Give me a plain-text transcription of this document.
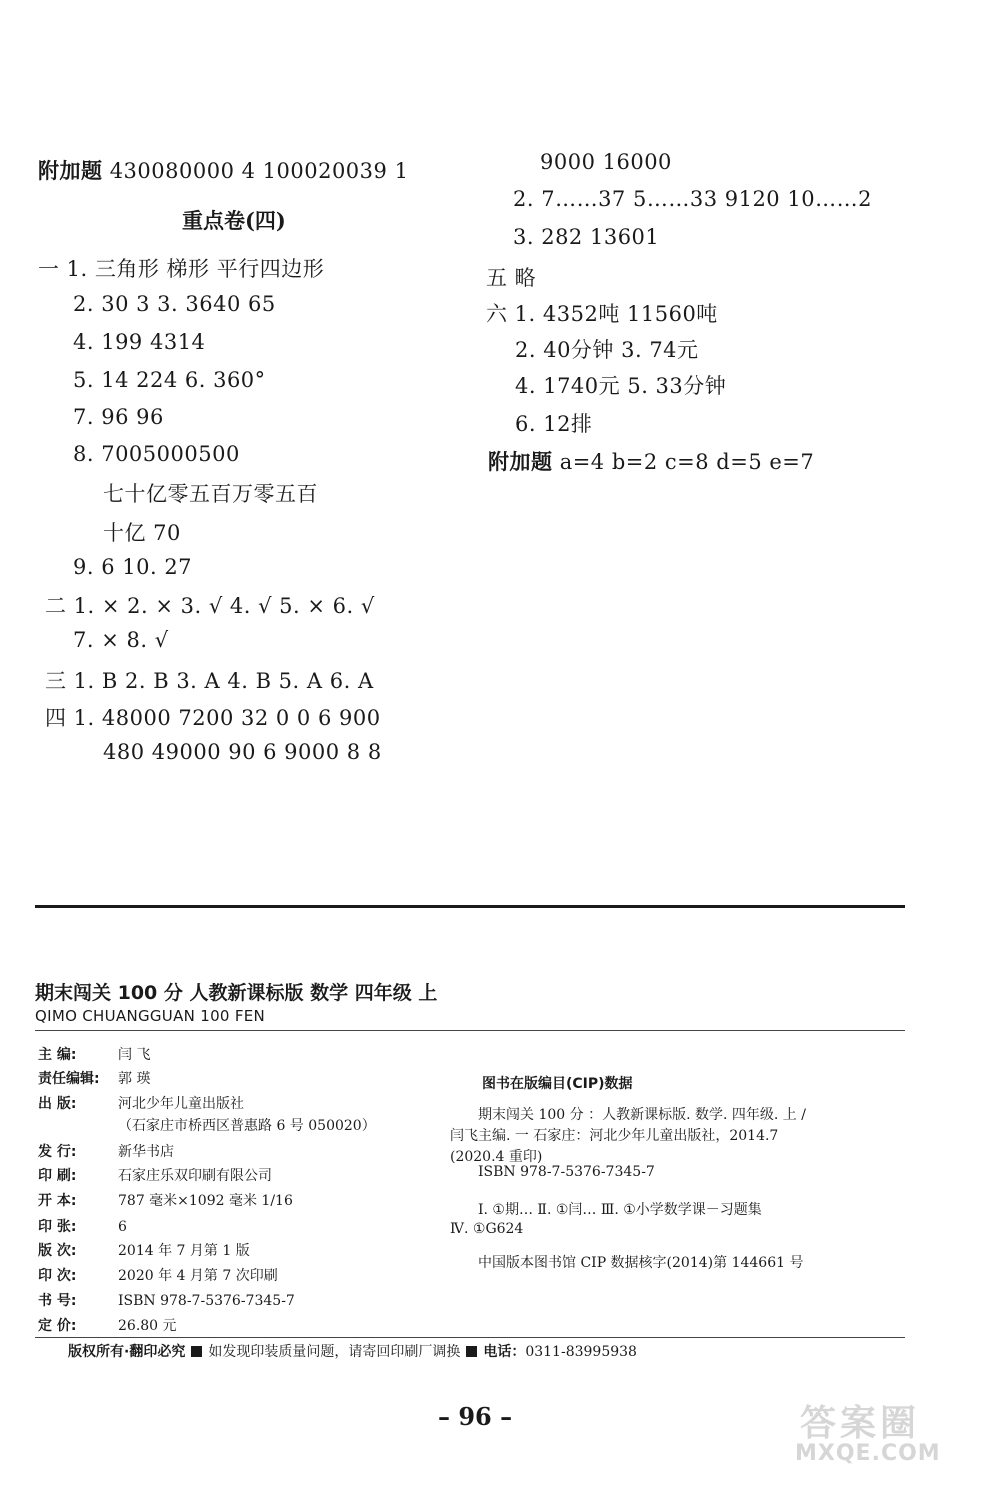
附加题 430080000 4 100020039 1
重点卷(四)
一 1. 三角形 梯形 平行四边形
2. 30 3 3. 3640 65
4. 199 4314
5. 14 224 6. 360°
7. 96 96
8. 7005000500
七十亿零五百万零五百
十亿 70
9. 6 10. 27
二 1. × 2. × 3. √ 4. √ 5. × 6. √
7. × 8. √
三 1. B 2. B 3. A 4. B 5. A 6. A
四 1. 48000 7200 32 0 0 6 900
480 49000 90 6 9000 8 8
9000 16000
2. 7……37 5……33 9120 10……2
3. 282 13601
五 略
六 1. 4352吨 11560吨
2. 40分钟 3. 74元
4. 1740元 5. 33分钟
6. 12排
附加题 a=4 b=2 c=8 d=5 e=7
期末闯关 100 分 人教新课标版 数学 四年级 上
QIMO CHUANGGUAN 100 FEN
主 编:	闫 飞
责任编辑: 郭 瑛
出 版:	河北少年儿童出版社
（石家庄市桥西区普惠路 6 号 050020）
发 行:	新华书店
印 刷:	石家庄乐双印刷有限公司
开 本:	787 毫米×1092 毫米 1/16
印 张:	6
版 次:	2014 年 7 月第 1 版
印 次:	2020 年 4 月第 7 次印刷
书 号:	ISBN 978-7-5376-7345-7
定 价:	26.80 元
图书在版编目(CIP)数据
期末闯关 100 分 ：人教新课标版. 数学. 四年级. 上 /
闫飞主编. 一 石家庄：河北少年儿童出版社，2014.7
(2020.4 重印)
ISBN 978-7-5376-7345-7
Ⅰ. ①期… Ⅱ. ①闫… Ⅲ. ①小学数学课－习题集
Ⅳ. ①G624
中国版本图书馆 CIP 数据核字(2014)第 144661 号
版权所有·翻印必究 如发现印装质量问题，请寄回印刷厂调换 电话：0311-83995938
– 96 –	答案圈
MXQE.COM
